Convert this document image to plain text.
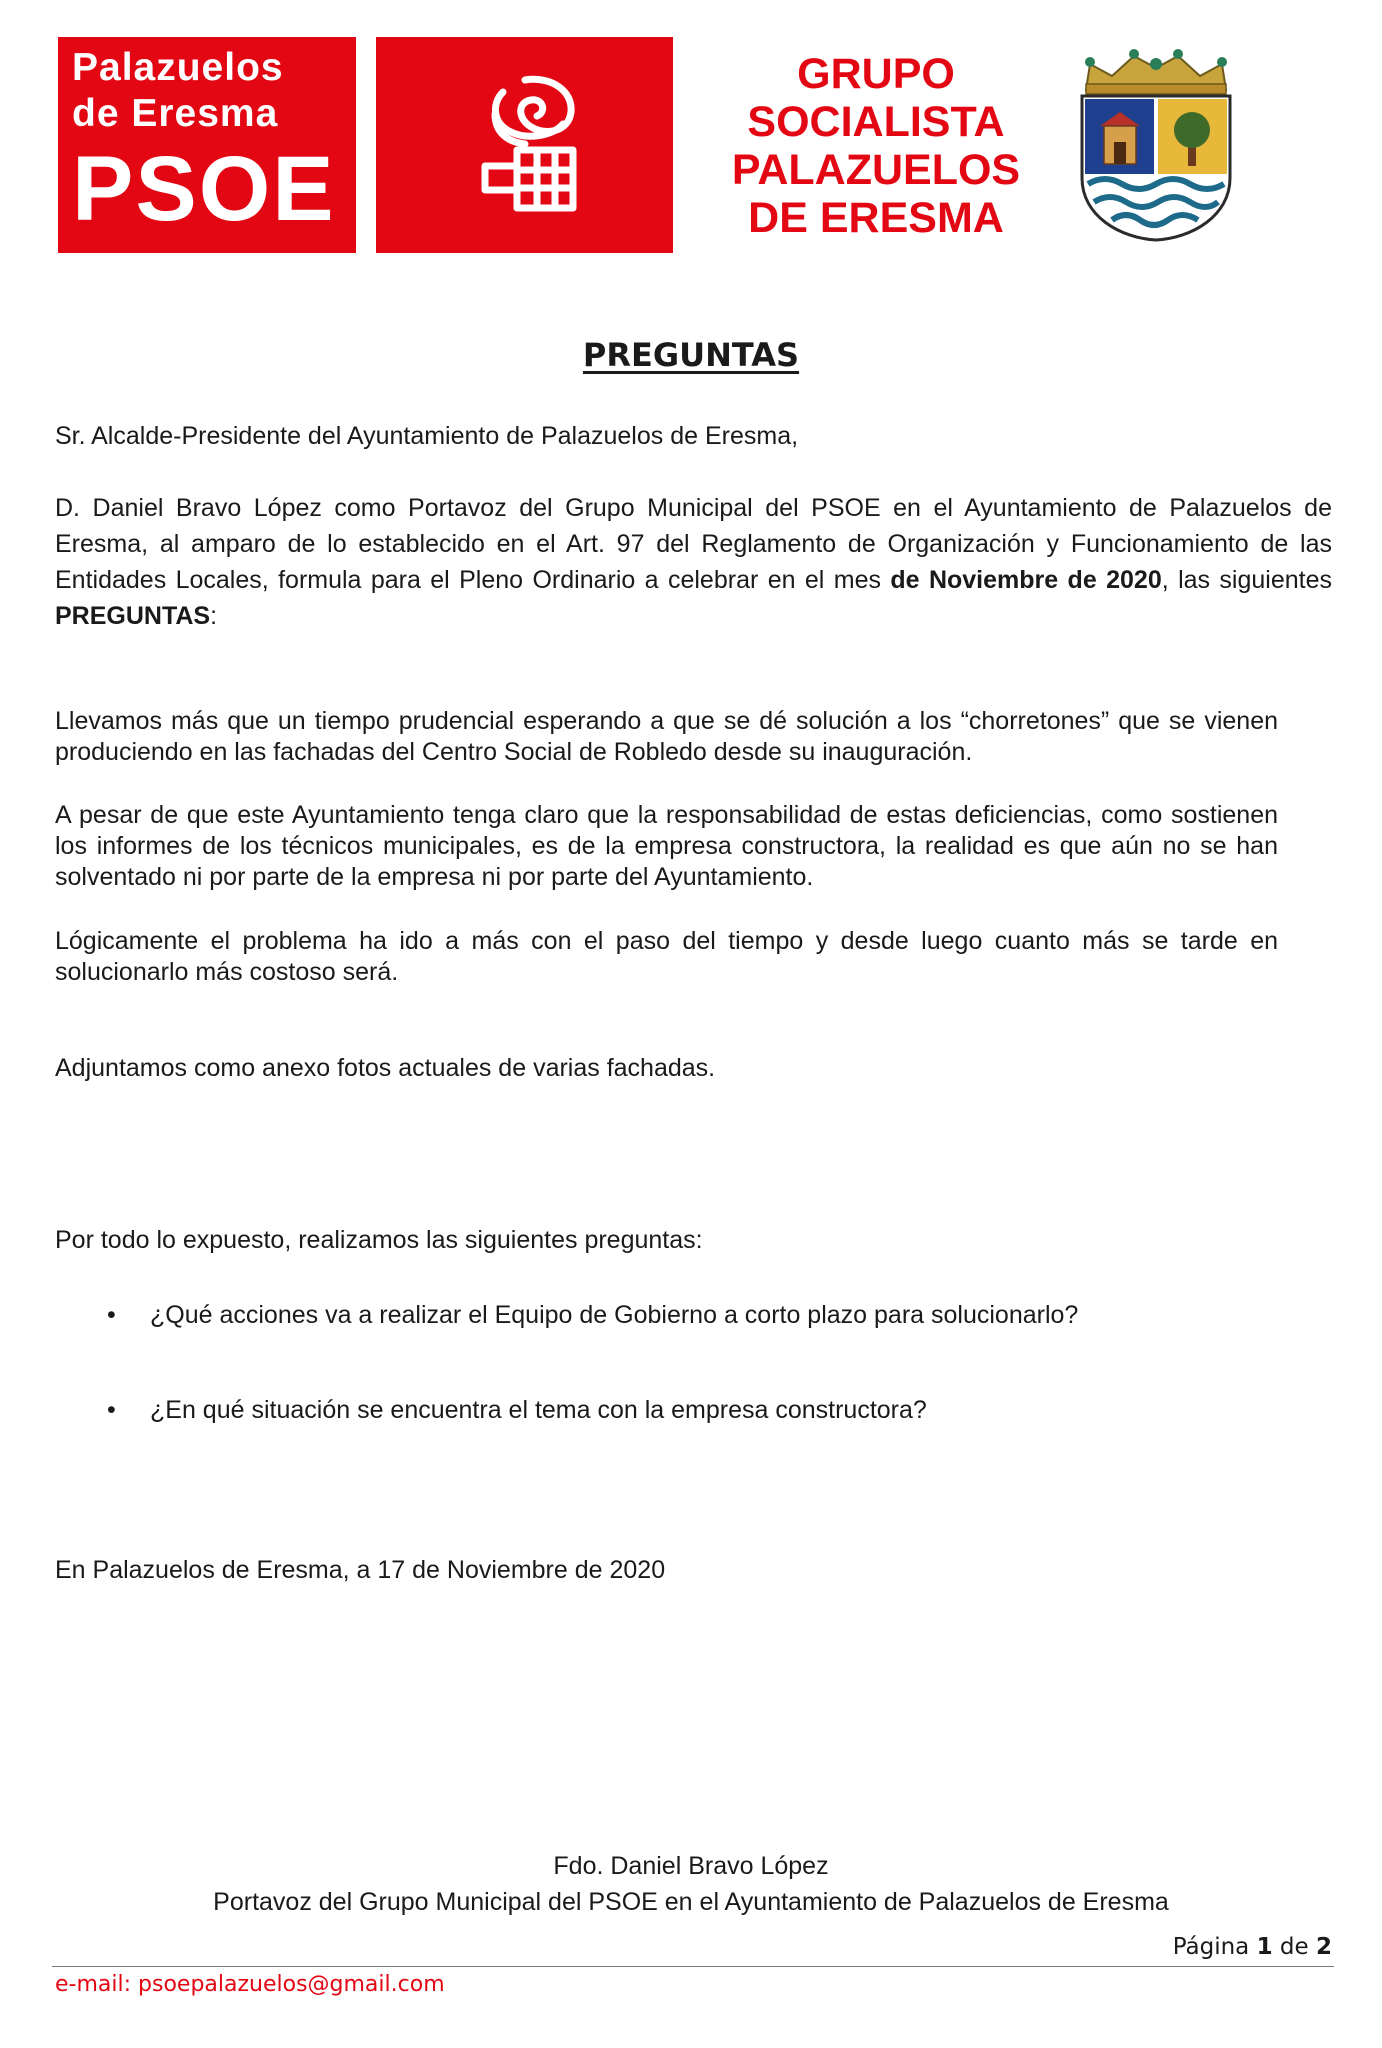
Palazuelos
de Eresma
PSOE
GRUPO
SOCIALISTA
PALAZUELOS
DE ERESMA
PREGUNTAS
Sr. Alcalde-Presidente del Ayuntamiento de Palazuelos de Eresma,
D. Daniel Bravo López como Portavoz del Grupo Municipal del PSOE en el Ayuntamiento de Palazuelos de Eresma, al amparo de lo establecido en el Art. 97 del Reglamento de Organización y Funcionamiento de las Entidades Locales, formula para el Pleno Ordinario a celebrar en el mes de Noviembre de 2020, las siguientes PREGUNTAS:
Llevamos más que un tiempo prudencial esperando a que se dé solución a los “chorretones” que se vienen produciendo en las fachadas del Centro Social de Robledo desde su inauguración.
A pesar de que este Ayuntamiento tenga claro que la responsabilidad de estas deficiencias, como sostienen los informes de los técnicos municipales, es de la empresa constructora, la realidad es que aún no se han solventado ni por parte de la empresa ni por parte del Ayuntamiento.
Lógicamente el problema ha ido a más con el paso del tiempo y desde luego cuanto más se tarde en solucionarlo más costoso será.
Adjuntamos como anexo fotos actuales de varias fachadas.
Por todo lo expuesto, realizamos las siguientes preguntas:
• ¿Qué acciones va a realizar el Equipo de Gobierno a corto plazo para solucionarlo?
• ¿En qué situación se encuentra el tema con la empresa constructora?
En Palazuelos de Eresma, a 17 de Noviembre de 2020
Fdo. Daniel Bravo López
Portavoz del Grupo Municipal del PSOE en el Ayuntamiento de Palazuelos de Eresma
Página 1 de 2
e-mail: psoepalazuelos@gmail.com
